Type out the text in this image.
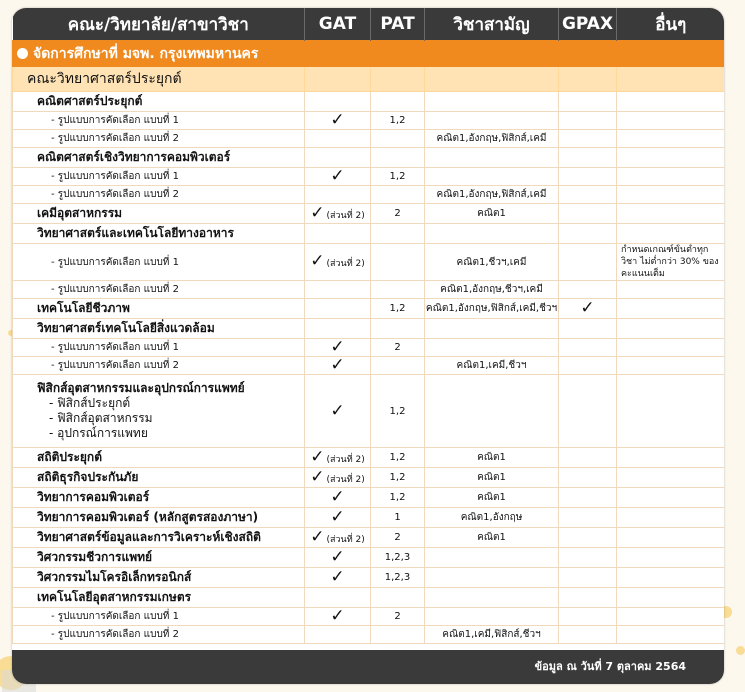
คณะ/วิทยาลัย/สาขาวิชา	GAT	PAT	วิชาสามัญ	GPAX	อื่นๆ
จัดการศึกษาที่ มจพ. กรุงเทพมหานคร					
คณะวิทยาศาสตร์ประยุกต์					
คณิตศาสตร์ประยุกต์					
- รูปแบบการคัดเลือก แบบที่ 1	✓	1,2			
- รูปแบบการคัดเลือก แบบที่ 2			คณิต1,อังกฤษ,ฟิสิกส์,เคมี		
คณิตศาสตร์เชิงวิทยาการคอมพิวเตอร์					
- รูปแบบการคัดเลือก แบบที่ 1	✓	1,2			
- รูปแบบการคัดเลือก แบบที่ 2			คณิต1,อังกฤษ,ฟิสิกส์,เคมี		
เคมีอุตสาหกรรม	✓ (ส่วนที่ 2)	2	คณิต1		
วิทยาศาสตร์และเทคโนโลยีทางอาหาร					
- รูปแบบการคัดเลือก แบบที่ 1	✓ (ส่วนที่ 2)		คณิต1,ชีวฯ,เคมี		กำหนดเกณฑ์ขั้นต่ำทุกวิชา ไม่ต่ำกว่า 30% ของคะแนนเต็ม
- รูปแบบการคัดเลือก แบบที่ 2			คณิต1,อังกฤษ,ชีวฯ,เคมี		
เทคโนโลยีชีวภาพ		1,2	คณิต1,อังกฤษ,ฟิสิกส์,เคมี,ชีวฯ	✓	
วิทยาศาสตร์เทคโนโลยีสิ่งแวดล้อม					
- รูปแบบการคัดเลือก แบบที่ 1	✓	2			
- รูปแบบการคัดเลือก แบบที่ 2	✓		คณิต1,เคมี,ชีวฯ		

ฟิสิกส์อุตสาหกรรมและอุปกรณ์การแพทย์
- ฟิสิกส์ประยุกต์
- ฟิสิกส์อุตสาหกรรม
- อุปกรณ์การแพทย	✓	1,2			
สถิติประยุกต์	✓ (ส่วนที่ 2)	1,2	คณิต1		
สถิติธุรกิจประกันภัย	✓ (ส่วนที่ 2)	1,2	คณิต1		
วิทยาการคอมพิวเตอร์	✓	1,2	คณิต1		
วิทยาการคอมพิวเตอร์ (หลักสูตรสองภาษา)	✓	1	คณิต1,อังกฤษ		
วิทยาศาสตร์ข้อมูลและการวิเคราะห์เชิงสถิติ	✓ (ส่วนที่ 2)	2	คณิต1		
วิศวกรรมชีวการแพทย์	✓	1,2,3			
วิศวกรรมไมโครอิเล็กทรอนิกส์	✓	1,2,3			
เทคโนโลยีอุตสาหกรรมเกษตร					
- รูปแบบการคัดเลือก แบบที่ 1	✓	2			
- รูปแบบการคัดเลือก แบบที่ 2			คณิต1,เคมี,ฟิสิกส์,ชีวฯ		
ข้อมูล ณ วันที่ 7 ตุลาคม 2564
